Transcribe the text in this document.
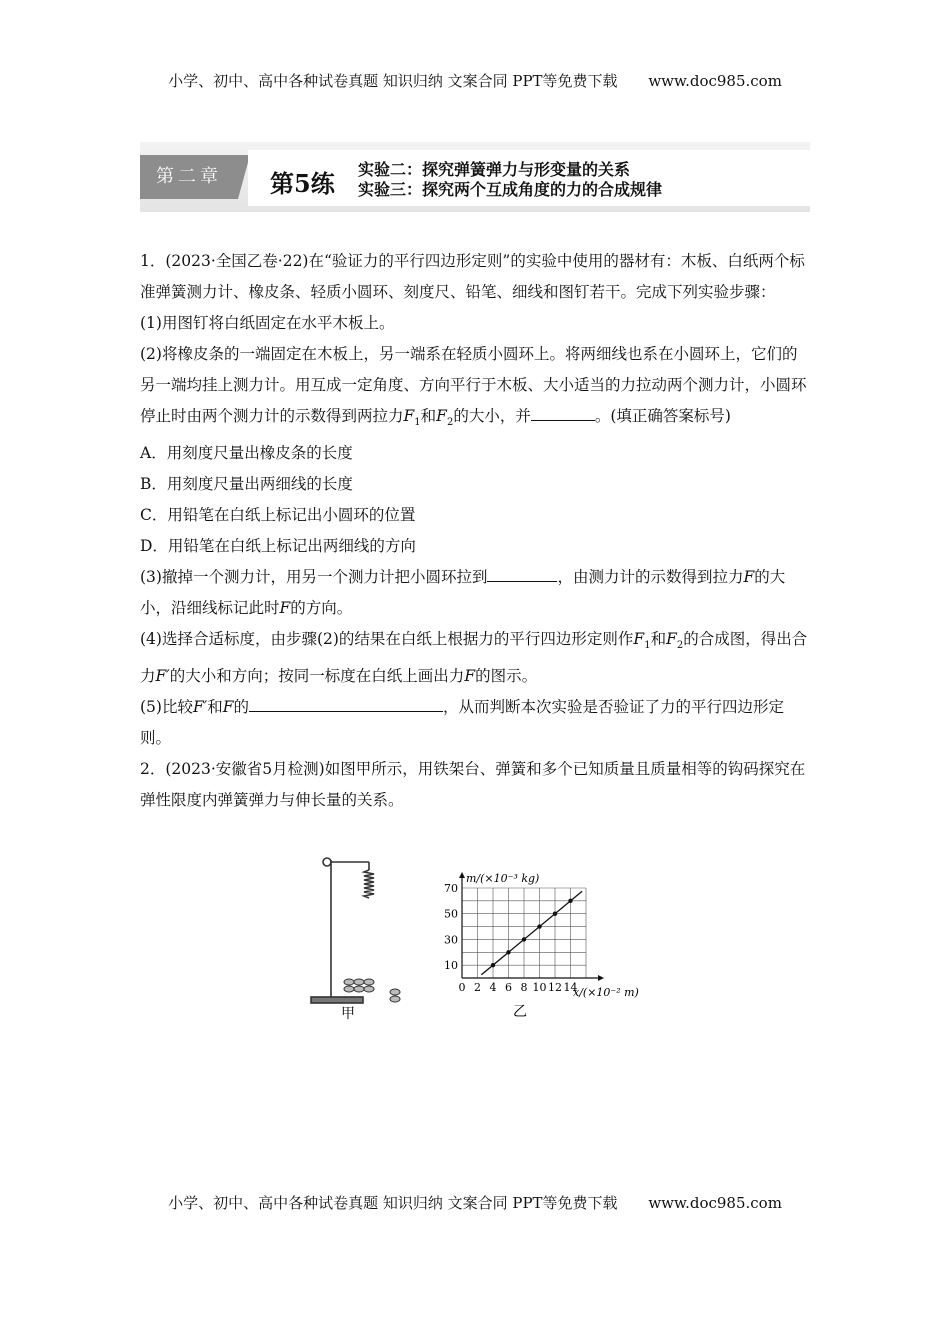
小学、初中、高中各种试卷真题 知识归纳 文案合同 PPT等免费下载 www.doc985.com
第二章	第5练 实验二：探究弹簧弹力与形变量的关系
实验三：探究两个互成角度的力的合成规律
1．(2023·全国乙卷·22)在“验证力的平行四边形定则”的实验中使用的器材有：木板、白纸两个标准弹簧测力计、橡皮条、轻质小圆环、刻度尺、铅笔、细线和图钉若干。完成下列实验步骤：
(1)用图钉将白纸固定在水平木板上。
(2)将橡皮条的一端固定在木板上，另一端系在轻质小圆环上。将两细线也系在小圆环上，它们的另一端均挂上测力计。用互成一定角度、方向平行于木板、大小适当的力拉动两个测力计，小圆环停止时由两个测力计的示数得到两拉力$F_1$和$F_2$的大小，并	。(填正确答案标号)
A．用刻度尺量出橡皮条的长度
B．用刻度尺量出两细线的长度
C．用铅笔在白纸上标记出小圆环的位置
D．用铅笔在白纸上标记出两细线的方向
(3)撤掉一个测力计，用另一个测力计把小圆环拉到	，由测力计的示数得到拉力F的大小，沿细线标记此时F的方向。
(4)选择合适标度，由步骤(2)的结果在白纸上根据力的平行四边形定则作$F_1$和$F_2$的合成图，得出合力F′的大小和方向；按同一标度在白纸上画出力F的图示。
(5)比较F′和F的	，从而判断本次实验是否验证了力的平行四边形定则。
2．(2023·安徽省5月检测)如图甲所示，用铁架台、弹簧和多个已知质量且质量相等的钩码探究在弹性限度内弹簧弹力与伸长量的关系。
甲
0 2 4 6 8 10 12 14
10
30
50
70
m/(×10⁻³ kg)
x/(×10⁻² m)
乙
小学、初中、高中各种试卷真题 知识归纳 文案合同 PPT等免费下载 www.doc985.com
